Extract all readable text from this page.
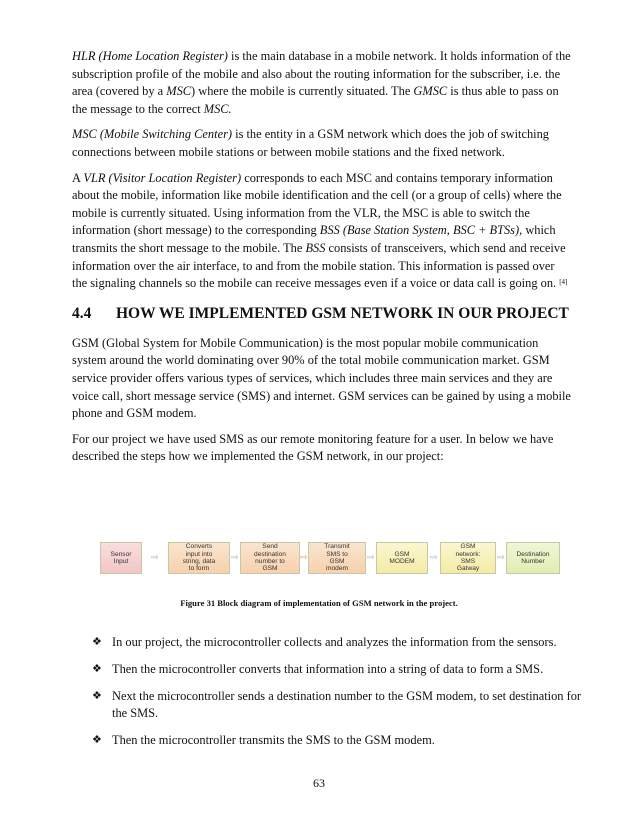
HLR (Home Location Register) is the main database in a mobile network. It holds information of the subscription profile of the mobile and also about the routing information for the subscriber, i.e. the area (covered by a MSC) where the mobile is currently situated. The GMSC is thus able to pass on the message to the correct MSC.

MSC (Mobile Switching Center) is the entity in a GSM network which does the job of switching connections between mobile stations or between mobile stations and the fixed network.

A VLR (Visitor Location Register) corresponds to each MSC and contains temporary information about the mobile, information like mobile identification and the cell (or a group of cells) where the mobile is currently situated. Using information from the VLR, the MSC is able to switch the information (short message) to the corresponding BSS (Base Station System, BSC + BTSs), which transmits the short message to the mobile. The BSS consists of transceivers, which send and receive information over the air interface, to and from the mobile station. This information is passed over the signaling channels so the mobile can receive messages even if a voice or data call is going on. [4]

4.4	HOW WE IMPLEMENTED GSM NETWORK IN OUR PROJECT

GSM (Global System for Mobile Communication) is the most popular mobile communication system around the world dominating over 90% of the total mobile communication market. GSM service provider offers various types of services, which includes three main services and they are voice call, short message service (SMS) and internet. GSM services can be gained by using a mobile phone and GSM modem.

For our project we have used SMS as our remote monitoring feature for a user. In below we have described the steps how we implemented the GSM network, in our project:

Sensor
Input	⇨
Converts
input into
string, data
to form
⇨
Send
destination
number to
GSM
⇨
Transmit
SMS to
GSM
modem
⇨	GSM
MODEM	⇨
GSM
network:
SMS
Gatway
⇨	Destination
Number
Figure 31 Block diagram of implementation of GSM network in the project.
❖ In our project, the microcontroller collects and analyzes the information from the sensors.
❖ Then the microcontroller converts that information into a string of data to form a SMS.
❖ Next the microcontroller sends a destination number to the GSM modem, to set destination for the SMS.
❖ Then the microcontroller transmits the SMS to the GSM modem.
63
